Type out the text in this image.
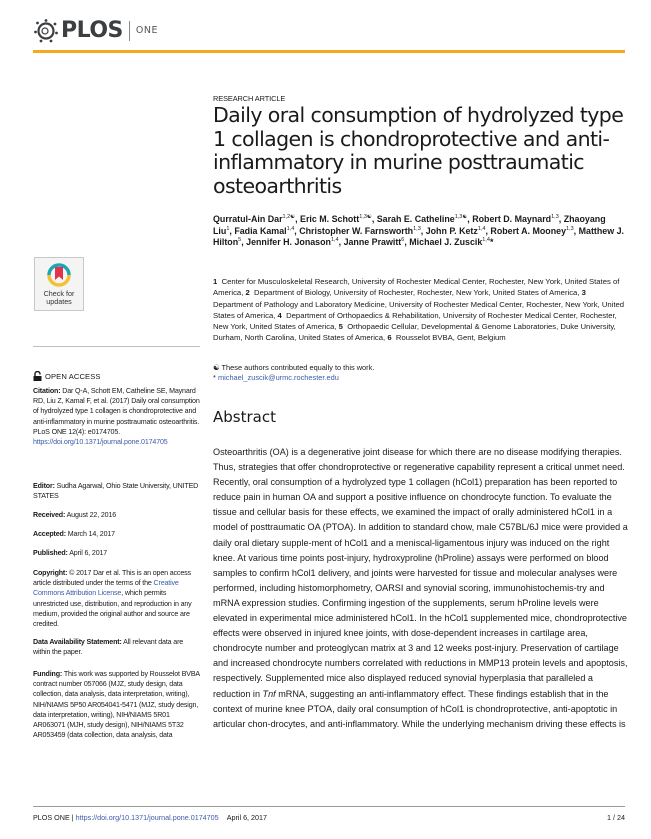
PLOS ONE
RESEARCH ARTICLE
Daily oral consumption of hydrolyzed type 1 collagen is chondroprotective and anti-inflammatory in murine posttraumatic osteoarthritis
Qurratul-Ain Dar$^{1,2☯}$, Eric M. Schott$^{1,3☯}$, Sarah E. Catheline$^{1,3☯}$, Robert D. Maynard$^{1,3}$, Zhaoyang Liu$^1$, Fadia Kamal$^{1,4}$, Christopher W. Farnsworth$^{1,3}$, John P. Ketz$^{1,4}$, Robert A. Mooney$^{1,3}$, Matthew J. Hilton$^5$, Jennifer H. Jonason$^{1,4}$, Janne Prawitt$^6$, Michael J. Zuscik$^{1,4}$*
1 Center for Musculoskeletal Research, University of Rochester Medical Center, Rochester, New York, United States of America, 2 Department of Biology, University of Rochester, Rochester, New York, United States of America, 3  Department of Pathology and Laboratory Medicine, University of Rochester Medical Center, Rochester, New York, United States of America, 4 Department of Orthopaedics & Rehabilitation, University of Rochester Medical Center, Rochester, New York, United States of America, 5 Orthopaedic Cellular, Developmental & Genome Laboratories, Duke University, Durham, North Carolina, United States of America, 6 Rousselot BVBA, Gent, Belgium
☯ These authors contributed equally to this work.
* michael_zuscik@urmc.rochester.edu
Abstract
Osteoarthritis (OA) is a degenerative joint disease for which there are no disease modifying therapies. Thus, strategies that offer chondroprotective or regenerative capability represent a critical unmet need. Recently, oral consumption of a hydrolyzed type 1 collagen (hCol1) preparation has been reported to reduce pain in human OA and support a positive influence on chondrocyte function. To evaluate the tissue and cellular basis for these effects, we examined the impact of orally administered hCol1 in a model of posttraumatic OA (PTOA). In addition to standard chow, male C57BL/6J mice were provided a daily oral dietary supple-ment of hCol1 and a meniscal-ligamentous injury was induced on the right knee. At various time points post-injury, hydroxyproline (hProline) assays were performed on blood samples to confirm hCol1 delivery, and joints were harvested for tissue and molecular analyses were performed, including histomorphometry, OARSI and synovial scoring, immunohistochemis-try and mRNA expression studies. Confirming ingestion of the supplements, serum hProline levels were elevated in experimental mice administered hCol1. In the hCol1 supplemented mice, chondroprotective effects were observed in injured knee joints, with dose-dependent increases in cartilage area, chondrocyte number and proteoglycan matrix at 3 and 12 weeks post-injury. Preservation of cartilage and increased chondrocyte numbers correlated with reductions in MMP13 protein levels and apoptosis, respectively. Supplemented mice also displayed reduced synovial hyperplasia that paralleled a reduction in Tnf mRNA, suggesting an anti-inflammatory effect. These findings establish that in the context of murine knee PTOA, daily oral consumption of hCol1 is chondroprotective, anti-apoptotic in articular chon-drocytes, and anti-inflammatory. While the underlying mechanism driving these effects is
Check for
updates
OPEN ACCESS
Citation: Dar Q-A, Schott EM, Catheline SE, Maynard RD, Liu Z, Kamal F, et al. (2017) Daily oral consumption of hydrolyzed type 1 collagen is chondroprotective and anti-inflammatory in murine posttraumatic osteoarthritis. PLoS ONE 12(4): e0174705. https://doi.org/10.1371/journal.pone.0174705
Editor: Sudha Agarwal, Ohio State University, UNITED STATES
Received: August 22, 2016
Accepted: March 14, 2017
Published: April 6, 2017
Copyright: © 2017 Dar et al. This is an open access article distributed under the terms of the Creative Commons Attribution License, which permits unrestricted use, distribution, and reproduction in any medium, provided the original author and source are credited.
Data Availability Statement: All relevant data are within the paper.
Funding: This work was supported by Rousselot BVBA contract number 057066 (MJZ, study design, data collection, data analysis, data interpretation, writing), NIH/NIAMS 5P50 AR054041-5471 (MJZ, study design, data interpretation, writing), NIH/NIAMS 5R01 AR063071 (MJH, study design), NIH/NIAMS 5T32 AR053459 (data collection, data analysis, data
PLOS ONE | https://doi.org/10.1371/journal.pone.0174705 April 6, 2017	1 / 24
